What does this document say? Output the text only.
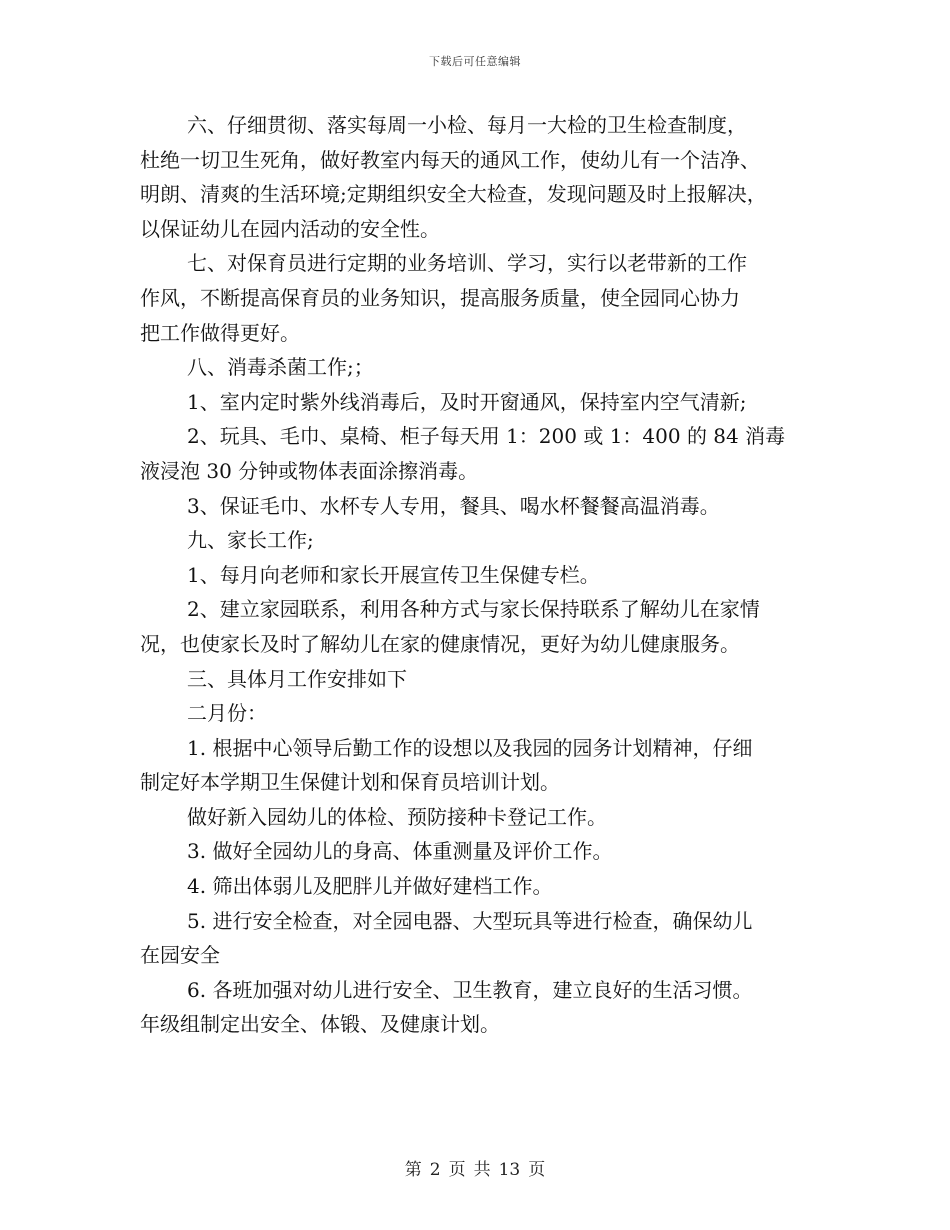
下载后可任意编辑
六、仔细贯彻、落实每周一小检、每月一大检的卫生检查制度，
杜绝一切卫生死角，做好教室内每天的通风工作，使幼儿有一个洁净、
明朗、清爽的生活环境;定期组织安全大检查，发现问题及时上报解决，
以保证幼儿在园内活动的安全性。
七、对保育员进行定期的业务培训、学习，实行以老带新的工作
作风，不断提高保育员的业务知识，提高服务质量，使全园同心协力
把工作做得更好。
八、消毒杀菌工作;；
1、室内定时紫外线消毒后，及时开窗通风，保持室内空气清新;
2、玩具、毛巾、桌椅、柜子每天用 1：200 或 1：400 的 84 消毒
液浸泡 30 分钟或物体表面涂擦消毒。
3、保证毛巾、水杯专人专用，餐具、喝水杯餐餐高温消毒。
九、家长工作;
1、每月向老师和家长开展宣传卫生保健专栏。
2、建立家园联系，利用各种方式与家长保持联系了解幼儿在家情
况，也使家长及时了解幼儿在家的健康情况，更好为幼儿健康服务。
三、具体月工作安排如下
二月份：
1. 根据中心领导后勤工作的设想以及我园的园务计划精神，仔细
制定好本学期卫生保健计划和保育员培训计划。
做好新入园幼儿的体检、预防接种卡登记工作。
3. 做好全园幼儿的身高、体重测量及评价工作。
4. 筛出体弱儿及肥胖儿并做好建档工作。
5. 进行安全检查，对全园电器、大型玩具等进行检查，确保幼儿
在园安全
6. 各班加强对幼儿进行安全、卫生教育，建立良好的生活习惯。
年级组制定出安全、体锻、及健康计划。
第 2 页 共 13 页
